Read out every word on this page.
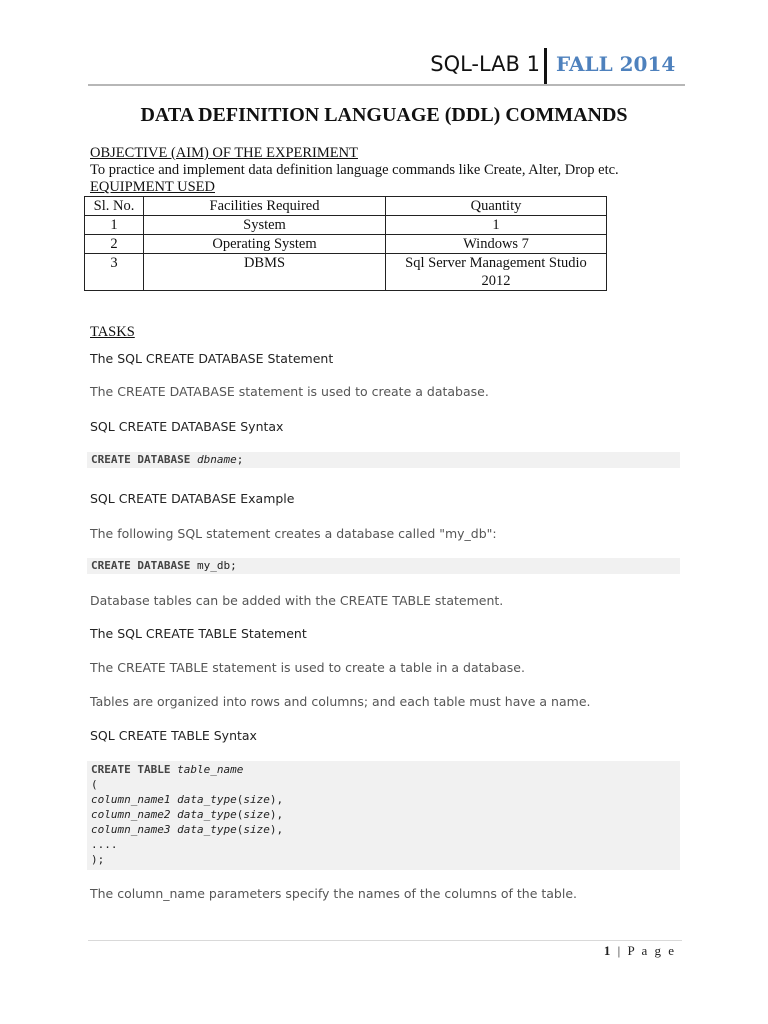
SQL-LAB 1 FALL 2014
DATA DEFINITION LANGUAGE (DDL) COMMANDS
OBJECTIVE (AIM) OF THE EXPERIMENT
To practice and implement data definition language commands like Create, Alter, Drop etc.
EQUIPMENT USED
Sl. No.	Facilities Required	Quantity
1	System	1
2	Operating System	Windows 7
3	DBMS	Sql Server Management Studio 2012
TASKS
The SQL CREATE DATABASE Statement
The CREATE DATABASE statement is used to create a database.
SQL CREATE DATABASE Syntax
CREATE DATABASE dbname;
SQL CREATE DATABASE Example
The following SQL statement creates a database called "my_db":
CREATE DATABASE my_db;
Database tables can be added with the CREATE TABLE statement.
The SQL CREATE TABLE Statement
The CREATE TABLE statement is used to create a table in a database.
Tables are organized into rows and columns; and each table must have a name.
SQL CREATE TABLE Syntax
CREATE TABLE table_name
(
column_name1 data_type(size),
column_name2 data_type(size),
column_name3 data_type(size),
....
);
The column_name parameters specify the names of the columns of the table.
1 | P a g e
